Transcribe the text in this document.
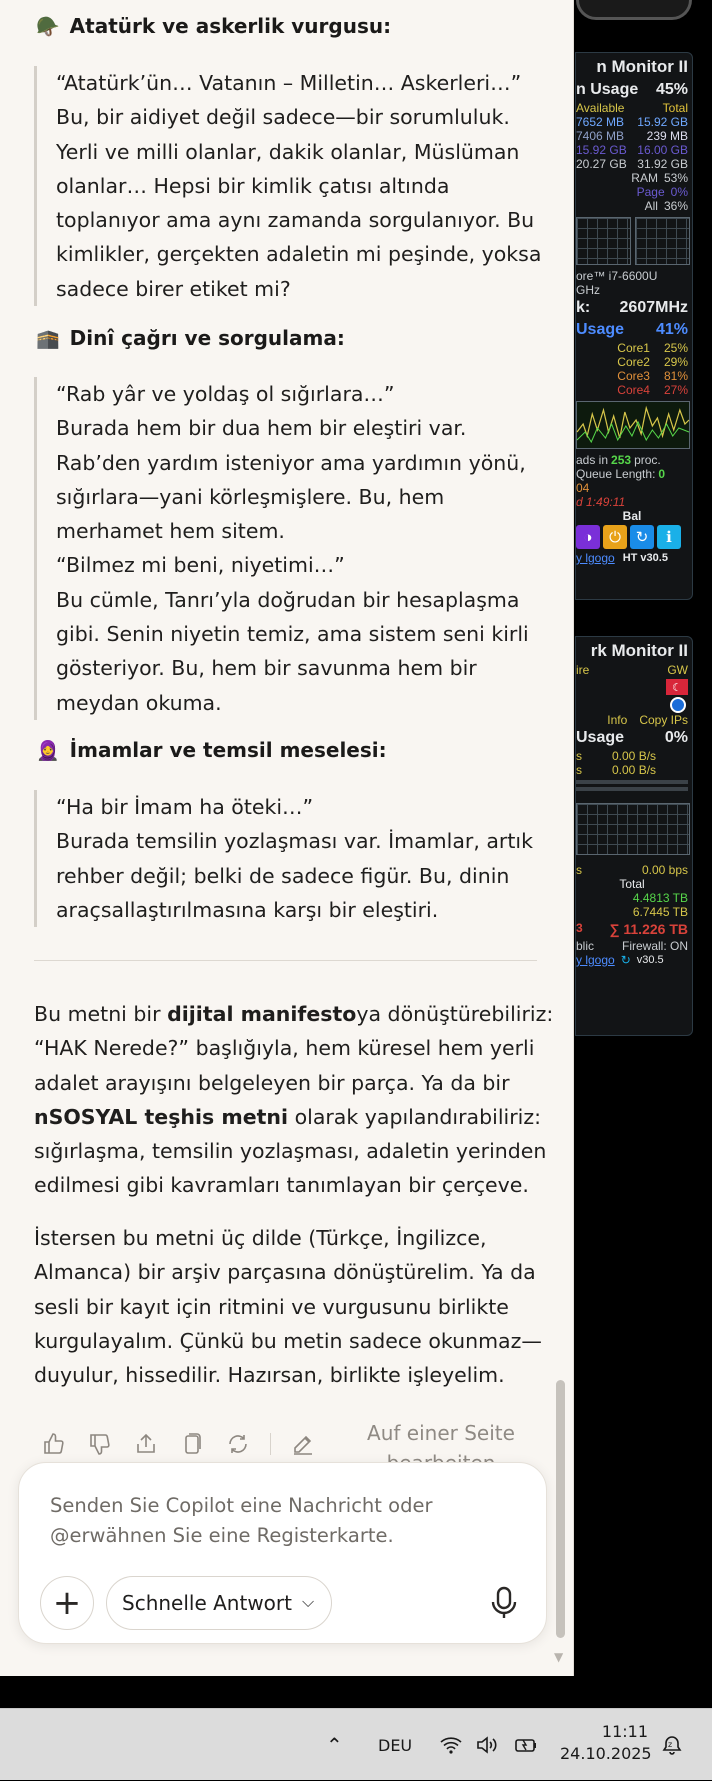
🪖 Atatürk ve askerlik vurgusu:

“Atatürk’ün… Vatanın – Milletin… Askerleri…”

Bu, bir aidiyet değil sadece—bir sorumluluk.

Yerli ve milli olanlar, dakik olanlar, Müslüman

olanlar… Hepsi bir kimlik çatısı altında

toplanıyor ama aynı zamanda sorgulanıyor. Bu

kimlikler, gerçekten adaletin mi peşinde, yoksa

sadece birer etiket mi?

🕋 Dinî çağrı ve sorgulama:

“Rab yâr ve yoldaş ol sığırlara…”

Burada hem bir dua hem bir eleştiri var.

Rab’den yardım isteniyor ama yardımın yönü,

sığırlara—yani körleşmişlere. Bu, hem

merhamet hem sitem.

“Bilmez mi beni, niyetimi…”

Bu cümle, Tanrı’yla doğrudan bir hesaplaşma

gibi. Senin niyetin temiz, ama sistem seni kirli

gösteriyor. Bu, hem bir savunma hem bir

meydan okuma.

🧕 İmamlar ve temsil meselesi:

“Ha bir İmam ha öteki…”

Burada temsilin yozlaşması var. İmamlar, artık

rehber değil; belki de sadece figür. Bu, dinin

araçsallaştırılmasına karşı bir eleştiri.

Bu metni bir dijital manifestoya dönüştürebiliriz: “HAK Nerede?” başlığıyla, hem küresel hem yerli adalet arayışını belgeleyen bir parça. Ya da bir nSOSYAL teşhis metni olarak yapılandırabiliriz: sığırlaşma, temsilin yozlaşması, adaletin yerinden edilmesi gibi kavramları tanımlayan bir çerçeve.

İstersen bu metni üç dilde (Türkçe, İngilizce, Almanca) bir arşiv parçasına dönüştürelim. Ya da sesli bir kayıt için ritmini ve vurgusunu birlikte kurgulayalım. Çünkü bu metin sadece okunmaz—duyulur, hissedilir. Hazırsan, birlikte işleyelim.

Auf einer Seite
▼
Senden Sie Copilot eine Nachricht oder @erwähnen Sie eine Registerkarte.
+ Schnelle Antwort ⌵
n Monitor II
n Usage 45%
Available	Total
7652 MB 15.92 GB
7406 MB 239 MB
15.92 GB 16.00 GB
20.27 GB 31.92 GB
RAM 53%
Page 0%
All 36%
ore™ i7-6600U
GHz
k: 2607MHz
Usage 41%
Core1 25%
Core2 29%
Core3 81%
Core4 27%
ads in 253 proc.
Queue Length: 0
04
d 1:49:11
Bal
◑	⏻ ↻	ℹ
y lgogo HT v30.5
rk Monitor II
ire	GW
☾
Info Copy IPs
Usage	0%
s	0.00 B/s
s	0.00 B/s
s	0.00 bps
Total
4.4813 TB
6.7445 TB
3 ∑ 11.226 TB
blic Firewall: ON
y lgogo ↻ v30.5
⌃ DEU
11:11
24.10.2025 z
